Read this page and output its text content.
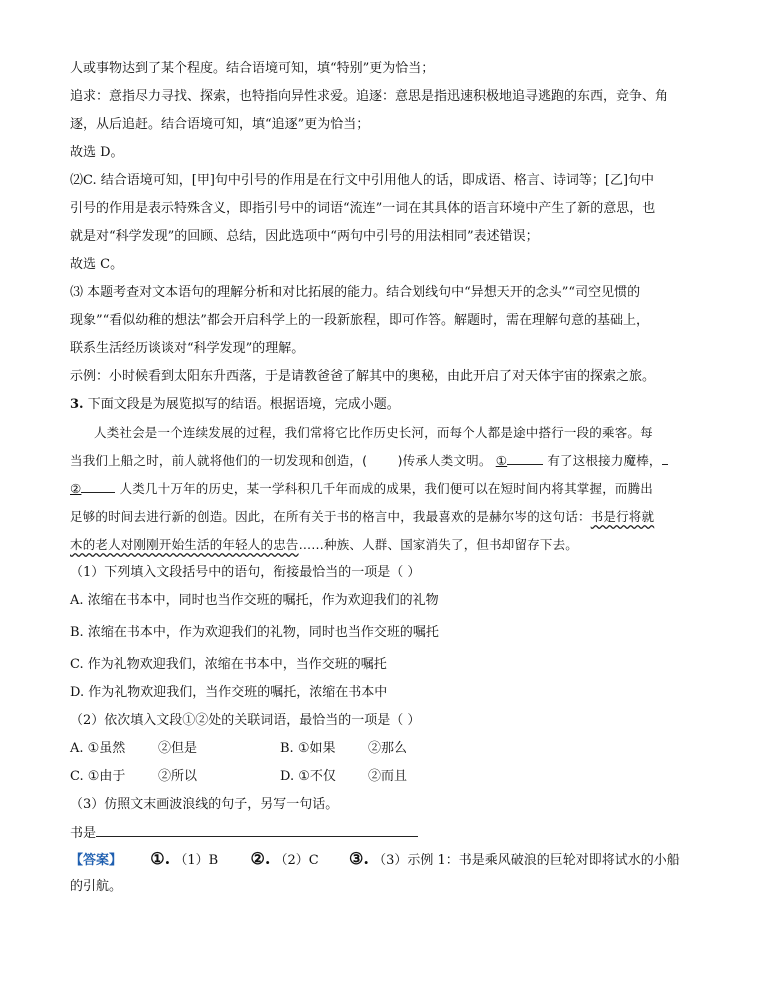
人或事物达到了某个程度。结合语境可知，填“特别”更为恰当；
追求：意指尽力寻找、探索，也特指向异性求爱。追逐：意思是指迅速积极地追寻逃跑的东西，竞争、角
逐，从后追赶。结合语境可知，填“追逐”更为恰当；
故选 D。
⑵C. 结合语境可知，[甲]句中引号的作用是在行文中引用他人的话，即成语、格言、诗词等；[乙]句中
引号的作用是表示特殊含义，即指引号中的词语“流连”一词在其具体的语言环境中产生了新的意思，也
就是对“科学发现”的回顾、总结，因此选项中“两句中引号的用法相同”表述错误；
故选 C。
⑶ 本题考查对文本语句的理解分析和对比拓展的能力。结合划线句中“异想天开的念头”“司空见惯的
现象”“看似幼稚的想法”都会开启科学上的一段新旅程，即可作答。解题时，需在理解句意的基础上，
联系生活经历谈谈对“科学发现”的理解。
示例：小时候看到太阳东升西落，于是请教爸爸了解其中的奥秘，由此开启了对天体宇宙的探索之旅。
3. 下面文段是为展览拟写的结语。根据语境，完成小题。
人类社会是一个连续发展的过程，我们常将它比作历史长河，而每个人都是途中搭行一段的乘客。每
当我们上船之时，前人就将他们的一切发现和创造，( )传承人类文明。 ①	有了这根接力魔棒，
②	人类几十万年的历史，某一学科积几千年而成的成果，我们便可以在短时间内将其掌握，而腾出
足够的时间去进行新的创造。因此，在所有关于书的格言中，我最喜欢的是赫尔岑的这句话：书是行将就
木的老人对刚刚开始生活的年轻人的忠告……种族、人群、国家消失了，但书却留存下去。
（1）下列填入文段括号中的语句，衔接最恰当的一项是（ ）
A. 浓缩在书本中，同时也当作交班的嘱托，作为欢迎我们的礼物
B. 浓缩在书本中，作为欢迎我们的礼物，同时也当作交班的嘱托
C. 作为礼物欢迎我们，浓缩在书本中，当作交班的嘱托
D. 作为礼物欢迎我们，当作交班的嘱托，浓缩在书本中
（2）依次填入文段①②处的关联词语，最恰当的一项是（ ）
A. ①虽然	②但是	B. ①如果	②那么
C. ①由于	②所以	D. ①不仅 ②而且
（3）仿照文末画波浪线的句子，另写一句话。
书是
【答案】 ①. （1）B ②. （2）C ③. （3）示例 1：书是乘风破浪的巨轮对即将试水的小船
的引航。
